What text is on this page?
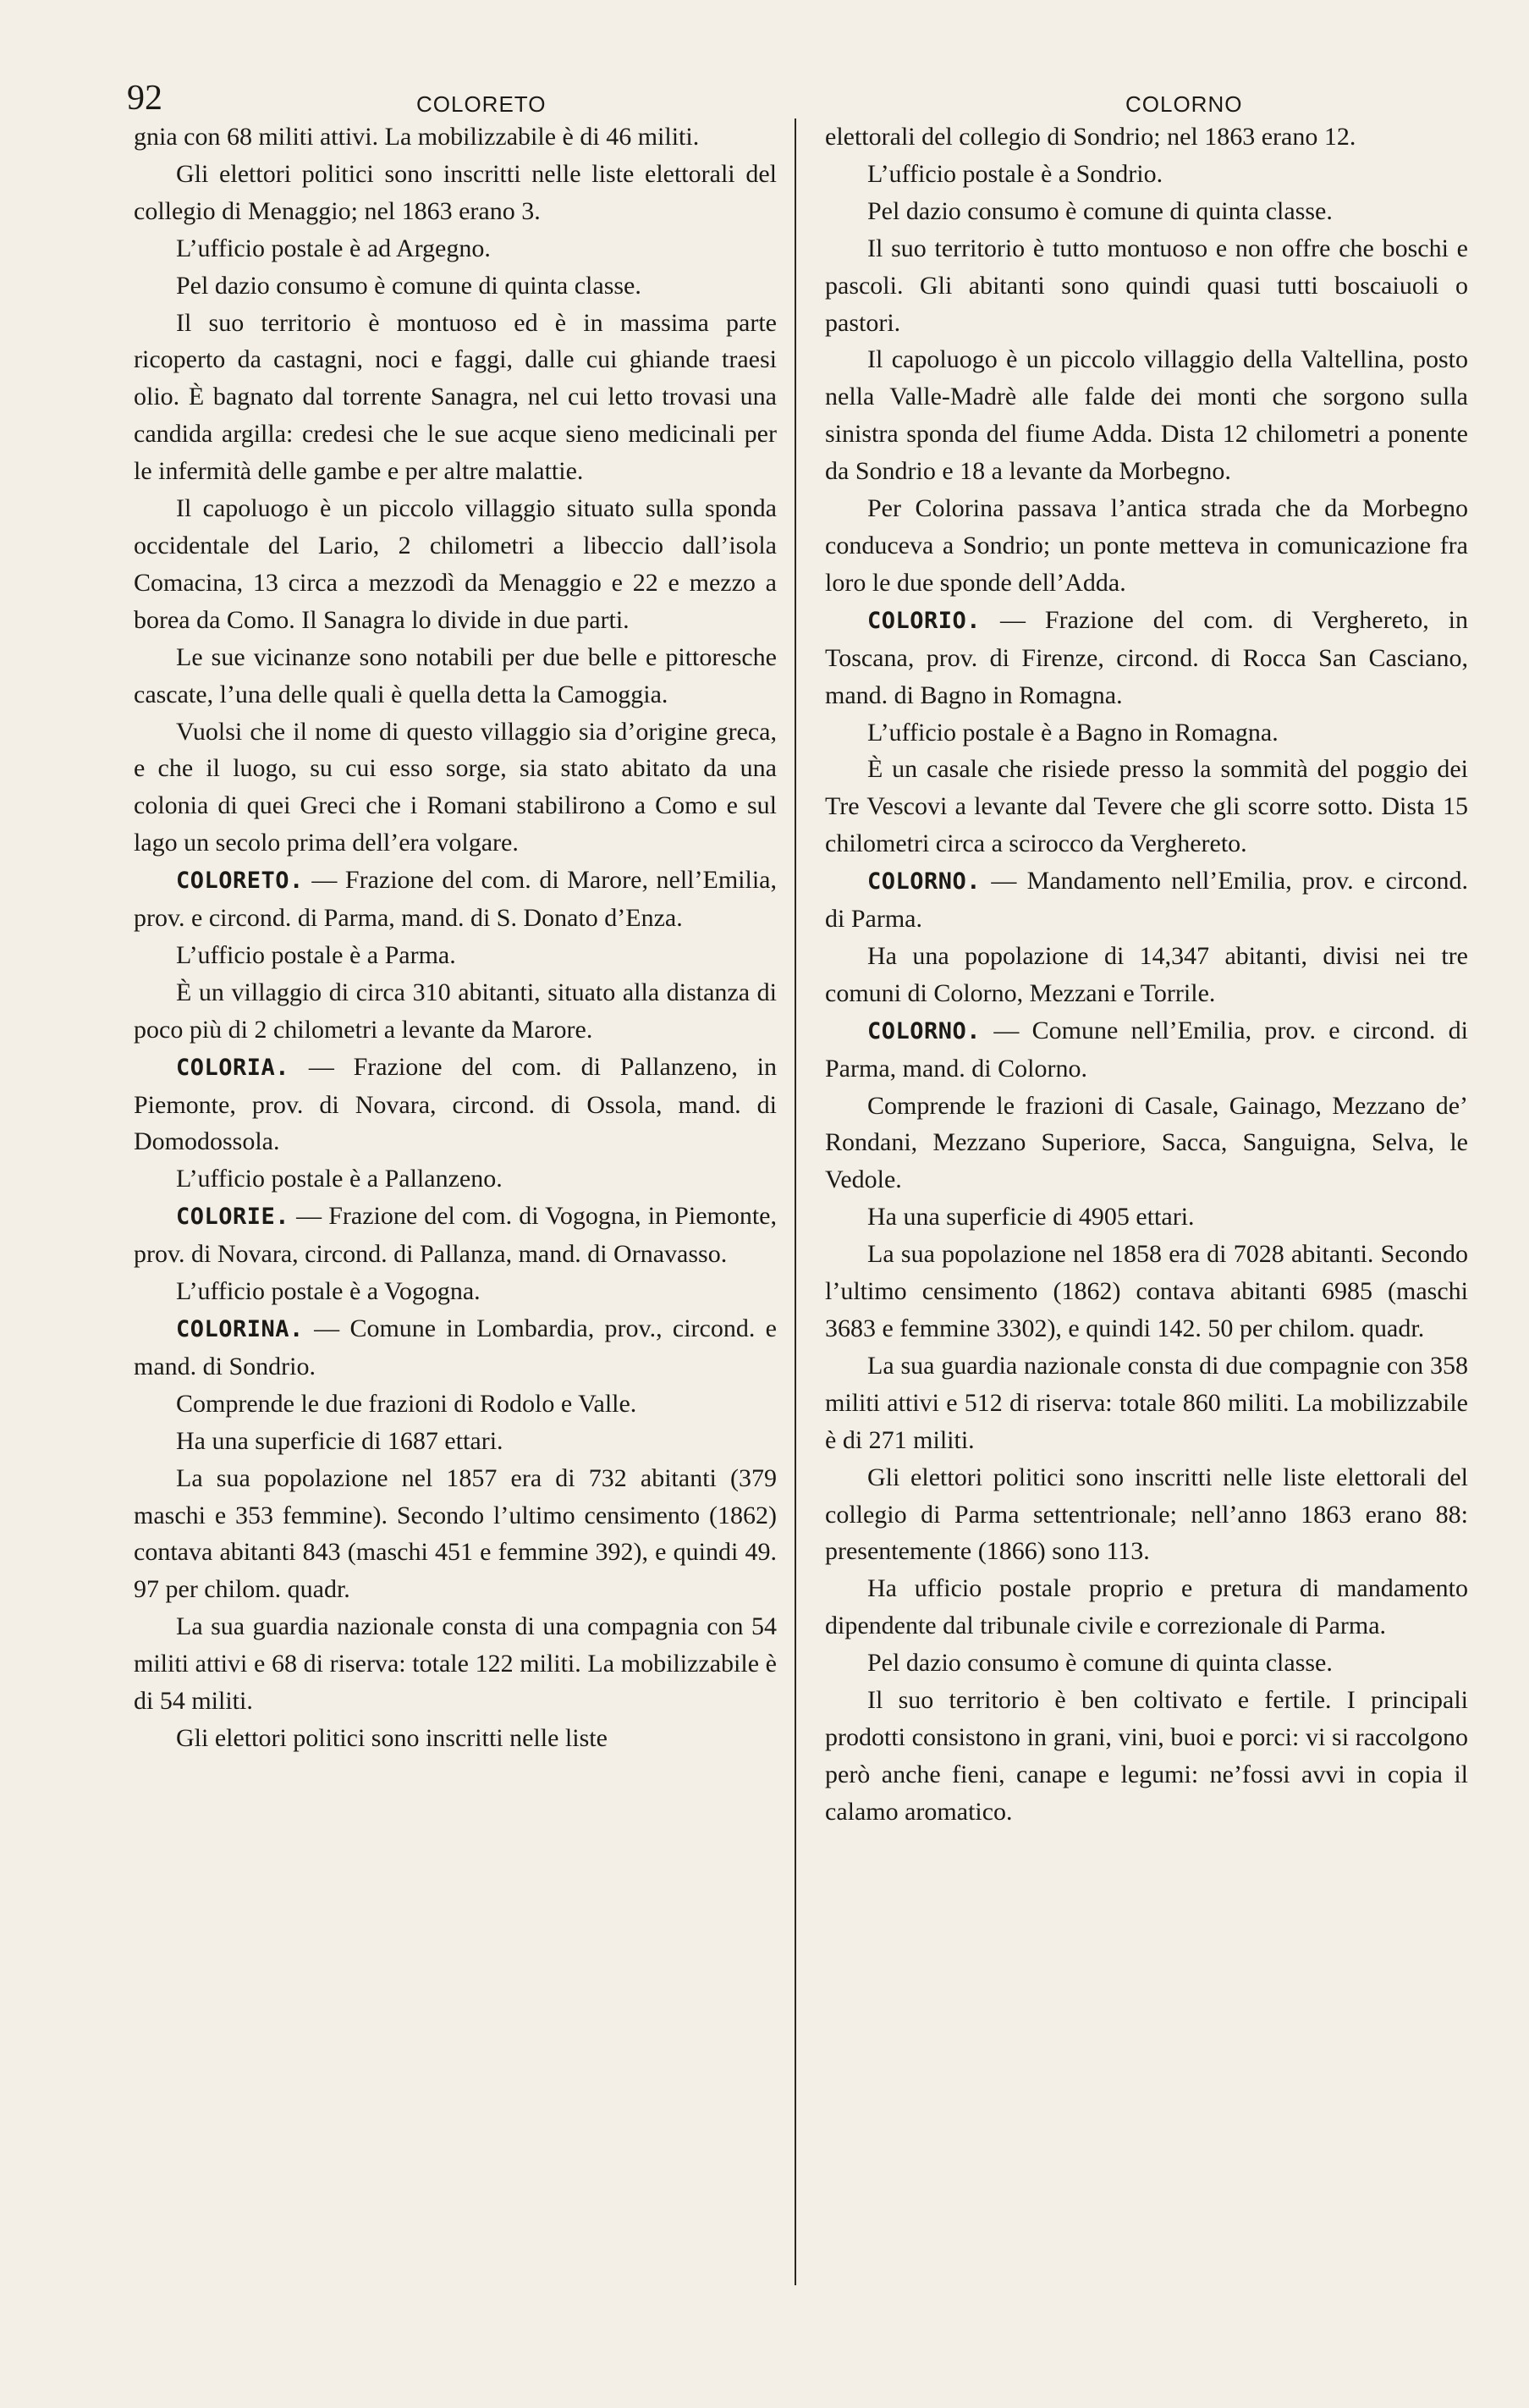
92	COLORETO	COLORNO

gnia con 68 militi attivi. La mobilizzabile è di 46 militi.

Gli elettori politici sono inscritti nelle liste elettorali del collegio di Menaggio; nel 1863 erano 3.

L’ufficio postale è ad Argegno.

Pel dazio consumo è comune di quinta classe.

Il suo territorio è montuoso ed è in massima parte ricoperto da castagni, noci e faggi, dalle cui ghiande traesi olio. È bagnato dal torrente Sanagra, nel cui letto trovasi una candida argilla: credesi che le sue acque sieno medicinali per le infermità delle gambe e per altre malattie.

Il capoluogo è un piccolo villaggio situato sulla sponda occidentale del Lario, 2 chilometri a libeccio dall’isola Comacina, 13 circa a mezzodì da Menaggio e 22 e mezzo a borea da Como. Il Sanagra lo divide in due parti.

Le sue vicinanze sono notabili per due belle e pittoresche cascate, l’una delle quali è quella detta la Camoggia.

Vuolsi che il nome di questo villaggio sia d’origine greca, e che il luogo, su cui esso sorge, sia stato abitato da una colonia di quei Greci che i Romani stabilirono a Como e sul lago un secolo prima dell’era volgare.

COLORETO. — Frazione del com. di Marore, nell’Emilia, prov. e circond. di Parma, mand. di S. Donato d’Enza.

L’ufficio postale è a Parma.

È un villaggio di circa 310 abitanti, situato alla distanza di poco più di 2 chilometri a levante da Marore.

COLORIA. — Frazione del com. di Pallanzeno, in Piemonte, prov. di Novara, circond. di Ossola, mand. di Domodossola.

L’ufficio postale è a Pallanzeno.

COLORIE. — Frazione del com. di Vogogna, in Piemonte, prov. di Novara, circond. di Pallanza, mand. di Ornavasso.

L’ufficio postale è a Vogogna.

COLORINA. — Comune in Lombardia, prov., circond. e mand. di Sondrio.

Comprende le due frazioni di Rodolo e Valle.

Ha una superficie di 1687 ettari.

La sua popolazione nel 1857 era di 732 abitanti (379 maschi e 353 femmine). Secondo l’ultimo censimento (1862) contava abitanti 843 (maschi 451 e femmine 392), e quindi 49. 97 per chilom. quadr.

La sua guardia nazionale consta di una compagnia con 54 militi attivi e 68 di riserva: totale 122 militi. La mobilizzabile è di 54 militi.

Gli elettori politici sono inscritti nelle liste

elettorali del collegio di Sondrio; nel 1863 erano 12.

L’ufficio postale è a Sondrio.

Pel dazio consumo è comune di quinta classe.

Il suo territorio è tutto montuoso e non offre che boschi e pascoli. Gli abitanti sono quindi quasi tutti boscaiuoli o pastori.

Il capoluogo è un piccolo villaggio della Valtellina, posto nella Valle-Madrè alle falde dei monti che sorgono sulla sinistra sponda del fiume Adda. Dista 12 chilometri a ponente da Sondrio e 18 a levante da Morbegno.

Per Colorina passava l’antica strada che da Morbegno conduceva a Sondrio; un ponte metteva in comunicazione fra loro le due sponde dell’Adda.

COLORIO. — Frazione del com. di Verghereto, in Toscana, prov. di Firenze, circond. di Rocca San Casciano, mand. di Bagno in Romagna.

L’ufficio postale è a Bagno in Romagna.

È un casale che risiede presso la sommità del poggio dei Tre Vescovi a levante dal Tevere che gli scorre sotto. Dista 15 chilometri circa a scirocco da Verghereto.

COLORNO. — Mandamento nell’Emilia, prov. e circond. di Parma.

Ha una popolazione di 14,347 abitanti, divisi nei tre comuni di Colorno, Mezzani e Torrile.

COLORNO. — Comune nell’Emilia, prov. e circond. di Parma, mand. di Colorno.

Comprende le frazioni di Casale, Gainago, Mezzano de’ Rondani, Mezzano Superiore, Sacca, Sanguigna, Selva, le Vedole.

Ha una superficie di 4905 ettari.

La sua popolazione nel 1858 era di 7028 abitanti. Secondo l’ultimo censimento (1862) contava abitanti 6985 (maschi 3683 e femmine 3302), e quindi 142. 50 per chilom. quadr.

La sua guardia nazionale consta di due compagnie con 358 militi attivi e 512 di riserva: totale 860 militi. La mobilizzabile è di 271 militi.

Gli elettori politici sono inscritti nelle liste elettorali del collegio di Parma settentrionale; nell’anno 1863 erano 88: presentemente (1866) sono 113.

Ha ufficio postale proprio e pretura di mandamento dipendente dal tribunale civile e correzionale di Parma.

Pel dazio consumo è comune di quinta classe.

Il suo territorio è ben coltivato e fertile. I principali prodotti consistono in grani, vini, buoi e porci: vi si raccolgono però anche fieni, canape e legumi: ne’fossi avvi in copia il calamo aromatico.
